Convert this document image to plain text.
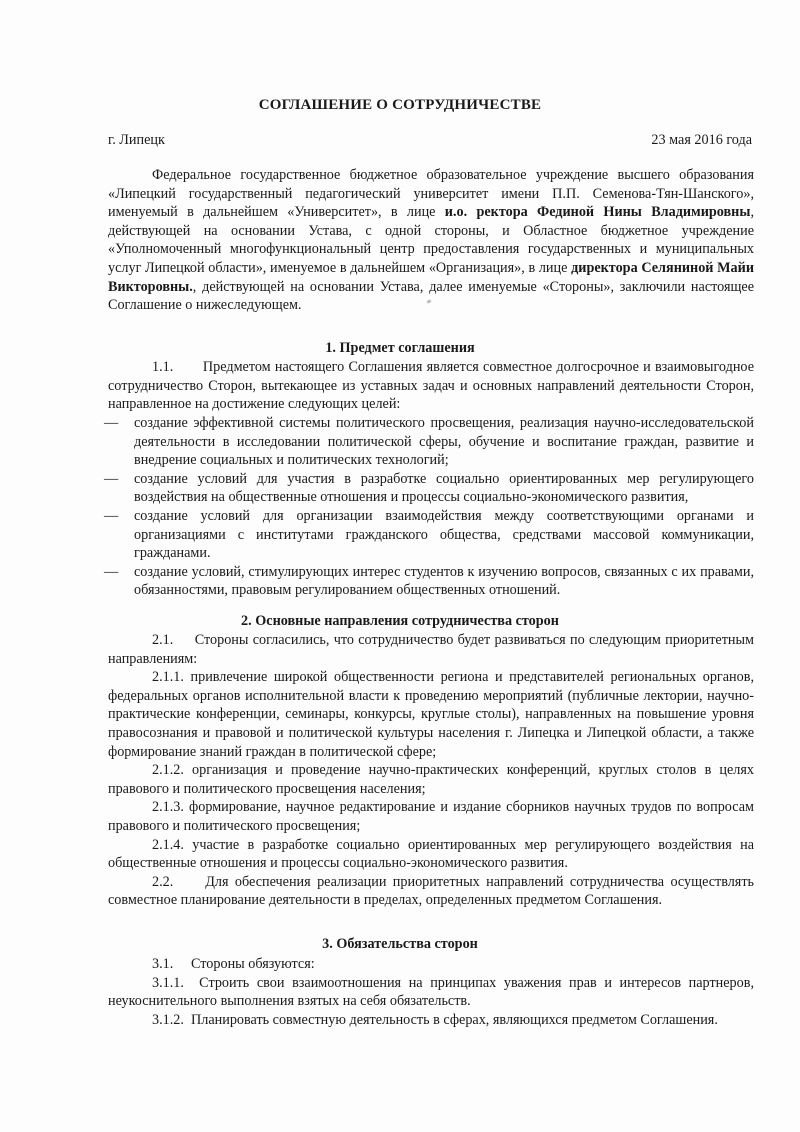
СОГЛАШЕНИЕ О СОТРУДНИЧЕСТВЕ
г. Липецк	23 мая 2016 года

Федеральное государственное бюджетное образовательное учреждение высшего образования «Липецкий государственный педагогический университет имени П.П. Семенова-Тян-Шанского», именуемый в дальнейшем «Университет», в лице и.о. ректора Фединой Нины Владимировны, действующей на основании Устава, с одной стороны, и Областное бюджетное учреждение «Уполномоченный многофункциональный центр предоставления государственных и муниципальных услуг Липецкой области», именуемое в дальнейшем «Организация», в лице директора Селяниной Майи Викторовны., действующей на основании Устава, далее именуемые «Стороны», заключили настоящее Соглашение о нижеследующем.

1. Предмет соглашения

1.1.       Предметом настоящего Соглашения является совместное долгосрочное и взаимовыгодное сотрудничество Сторон, вытекающее из уставных задач и основных направлений деятельности Сторон, направленное на достижение следующих целей:

—	создание эффективной системы политического просвещения, реализация научно-исследовательской деятельности в исследовании политической сферы, обучение и воспитание граждан, развитие и внедрение социальных и политических технологий;
—	создание условий для участия в разработке социально ориентированных мер регулирующего воздействия на общественные отношения и процессы социально-экономического развития,
—	создание условий для организации взаимодействия между соответствующими органами и организациями с институтами гражданского общества, средствами массовой коммуникации, гражданами.
—	создание условий, стимулирующих интерес студентов к изучению вопросов, связанных с их правами, обязанностями, правовым регулированием общественных отношений.
2. Основные направления сотрудничества сторон

2.1.     Стороны согласились, что сотрудничество будет развиваться по следующим приоритетным направлениям:

2.1.1. привлечение широкой общественности региона и представителей региональных органов, федеральных органов исполнительной власти к проведению мероприятий (публичные лектории, научно-практические конференции, семинары, конкурсы, круглые столы), направленных на повышение уровня правосознания и правовой и политической культуры населения г. Липецка и Липецкой области, а также формирование знаний граждан в политической сфере;

2.1.2. организация и проведение научно-практических конференций, круглых столов в целях правового и политического просвещения населения;

2.1.3. формирование, научное редактирование и издание сборников научных трудов по вопросам правового и политического просвещения;

2.1.4. участие в разработке социально ориентированных мер регулирующего воздействия на общественные отношения и процессы социально-экономического развития.

2.2.     Для обеспечения реализации приоритетных направлений сотрудничества осуществлять совместное планирование деятельности в пределах, определенных предметом Соглашения.

3. Обязательства сторон

3.1.     Стороны обязуются:

3.1.1.  Строить свои взаимоотношения на принципах уважения прав и интересов партнеров, неукоснительного выполнения взятых на себя обязательств.

3.1.2.  Планировать совместную деятельность в сферах, являющихся предметом Соглашения.
